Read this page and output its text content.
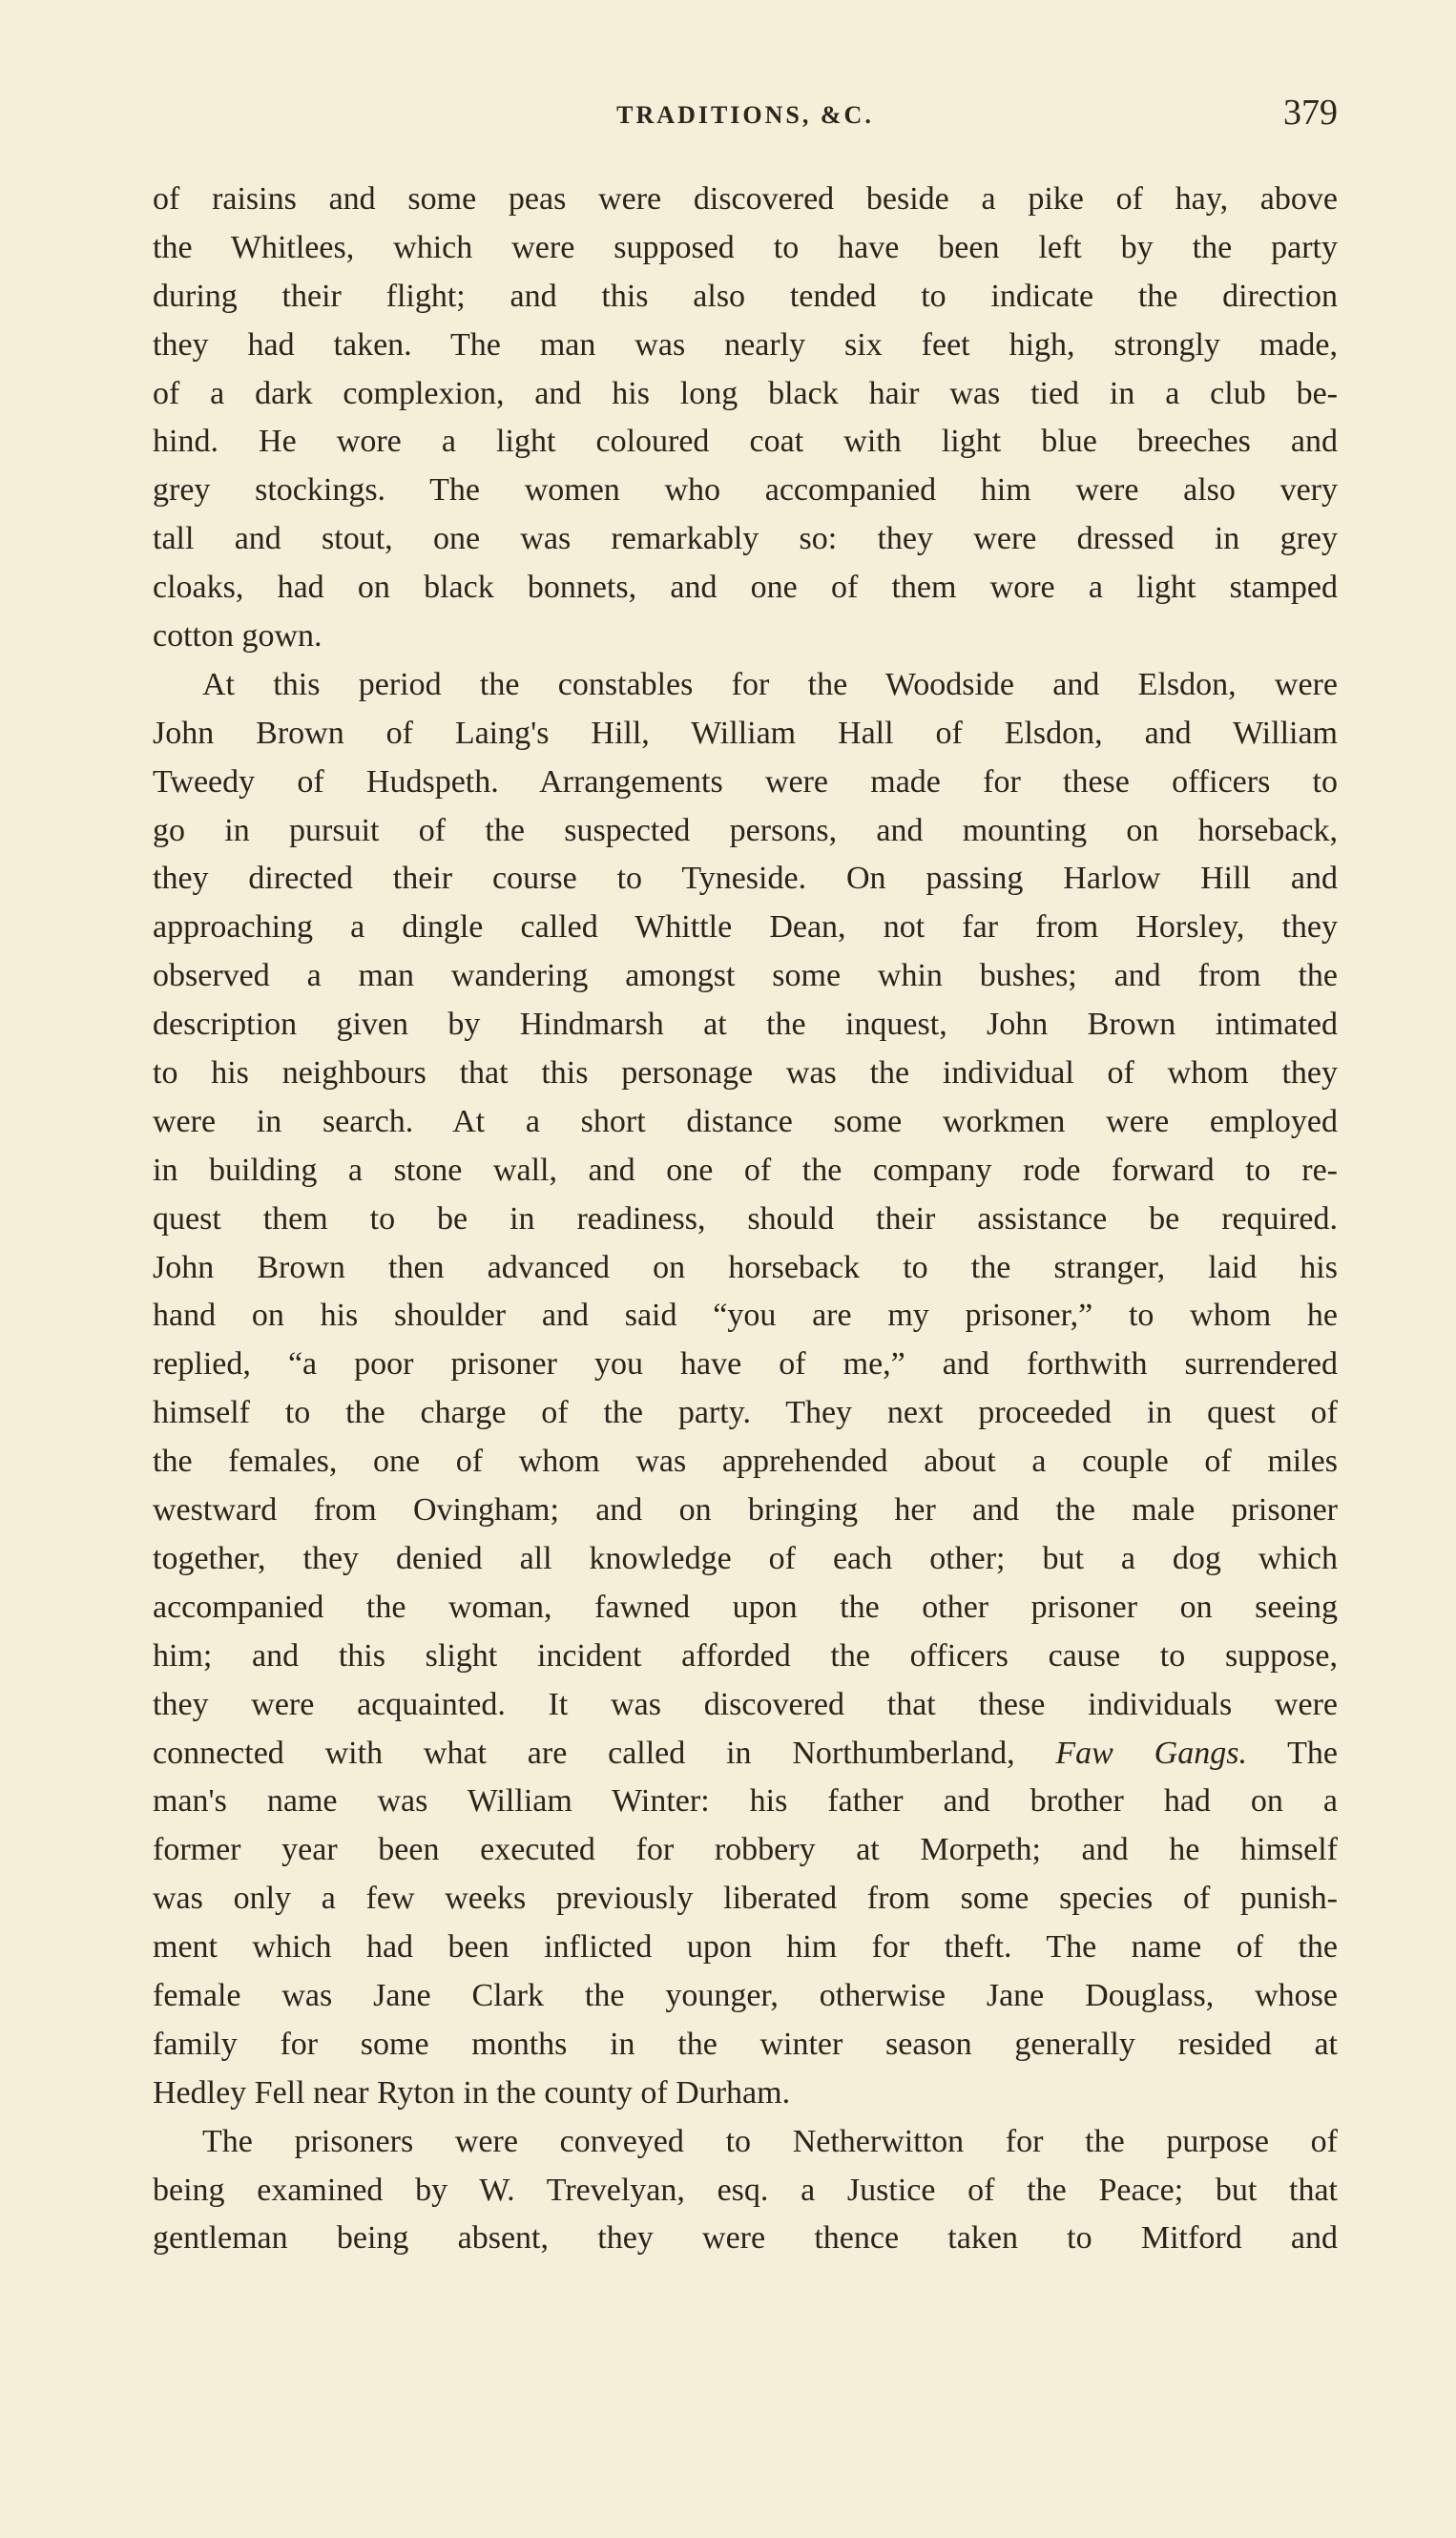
TRADITIONS, &C.	379
of raisins and some peas were discovered beside a pike of hay, above
the Whitlees, which were supposed to have been left by the party
during their flight; and this also tended to indicate the direction
they had taken. The man was nearly six feet high, strongly made,
of a dark complexion, and his long black hair was tied in a club be-
hind. He wore a light coloured coat with light blue breeches and
grey stockings. The women who accompanied him were also very
tall and stout, one was remarkably so: they were dressed in grey
cloaks, had on black bonnets, and one of them wore a light stamped
cotton gown.
At this period the constables for the Woodside and Elsdon, were
John Brown of Laing's Hill, William Hall of Elsdon, and William
Tweedy of Hudspeth. Arrangements were made for these officers to
go in pursuit of the suspected persons, and mounting on horseback,
they directed their course to Tyneside. On passing Harlow Hill and
approaching a dingle called Whittle Dean, not far from Horsley, they
observed a man wandering amongst some whin bushes; and from the
description given by Hindmarsh at the inquest, John Brown intimated
to his neighbours that this personage was the individual of whom they
were in search. At a short distance some workmen were employed
in building a stone wall, and one of the company rode forward to re-
quest them to be in readiness, should their assistance be required.
John Brown then advanced on horseback to the stranger, laid his
hand on his shoulder and said “you are my prisoner,” to whom he
replied, “a poor prisoner you have of me,” and forthwith surrendered
himself to the charge of the party. They next proceeded in quest of
the females, one of whom was apprehended about a couple of miles
westward from Ovingham; and on bringing her and the male prisoner
together, they denied all knowledge of each other; but a dog which
accompanied the woman, fawned upon the other prisoner on seeing
him; and this slight incident afforded the officers cause to suppose,
they were acquainted. It was discovered that these individuals were
connected with what are called in Northumberland, Faw Gangs. The
man's name was William Winter: his father and brother had on a
former year been executed for robbery at Morpeth; and he himself
was only a few weeks previously liberated from some species of punish-
ment which had been inflicted upon him for theft. The name of the
female was Jane Clark the younger, otherwise Jane Douglass, whose
family for some months in the winter season generally resided at
Hedley Fell near Ryton in the county of Durham.
The prisoners were conveyed to Netherwitton for the purpose of
being examined by W. Trevelyan, esq. a Justice of the Peace; but that
gentleman being absent, they were thence taken to Mitford and
